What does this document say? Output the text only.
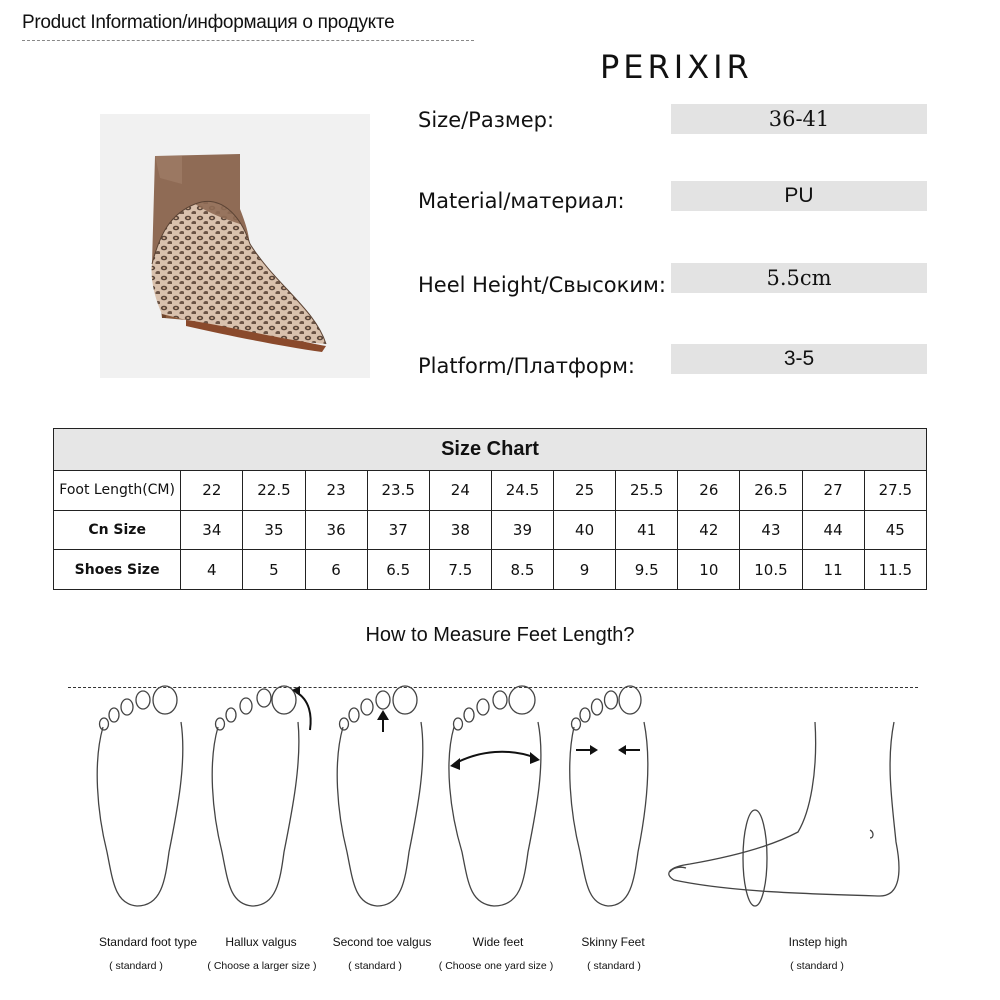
Product Information/информация о продукте
PERIXIR
Size/Размер:	36-41
Material/материал:	PU
Heel Height/Свысоким:	5.5cm
Platform/Платформ:	3-5
Size Chart												
Foot Length(CM)	22	22.5	23	23.5	24	24.5	25	25.5	26	26.5	27	27.5
Cn Size	34	35	36	37	38	39	40	41	42	43	44	45
Shoes Size	4	5	6	6.5	7.5	8.5	9	9.5	10	10.5	11	11.5
How to Measure Feet Length?
Standard foot type
( standard )
Hallux valgus
( Choose a larger size )
Second toe valgus
( standard )
Wide feet
( Choose one yard size )
Skinny Feet
( standard )
Instep high
( standard )
